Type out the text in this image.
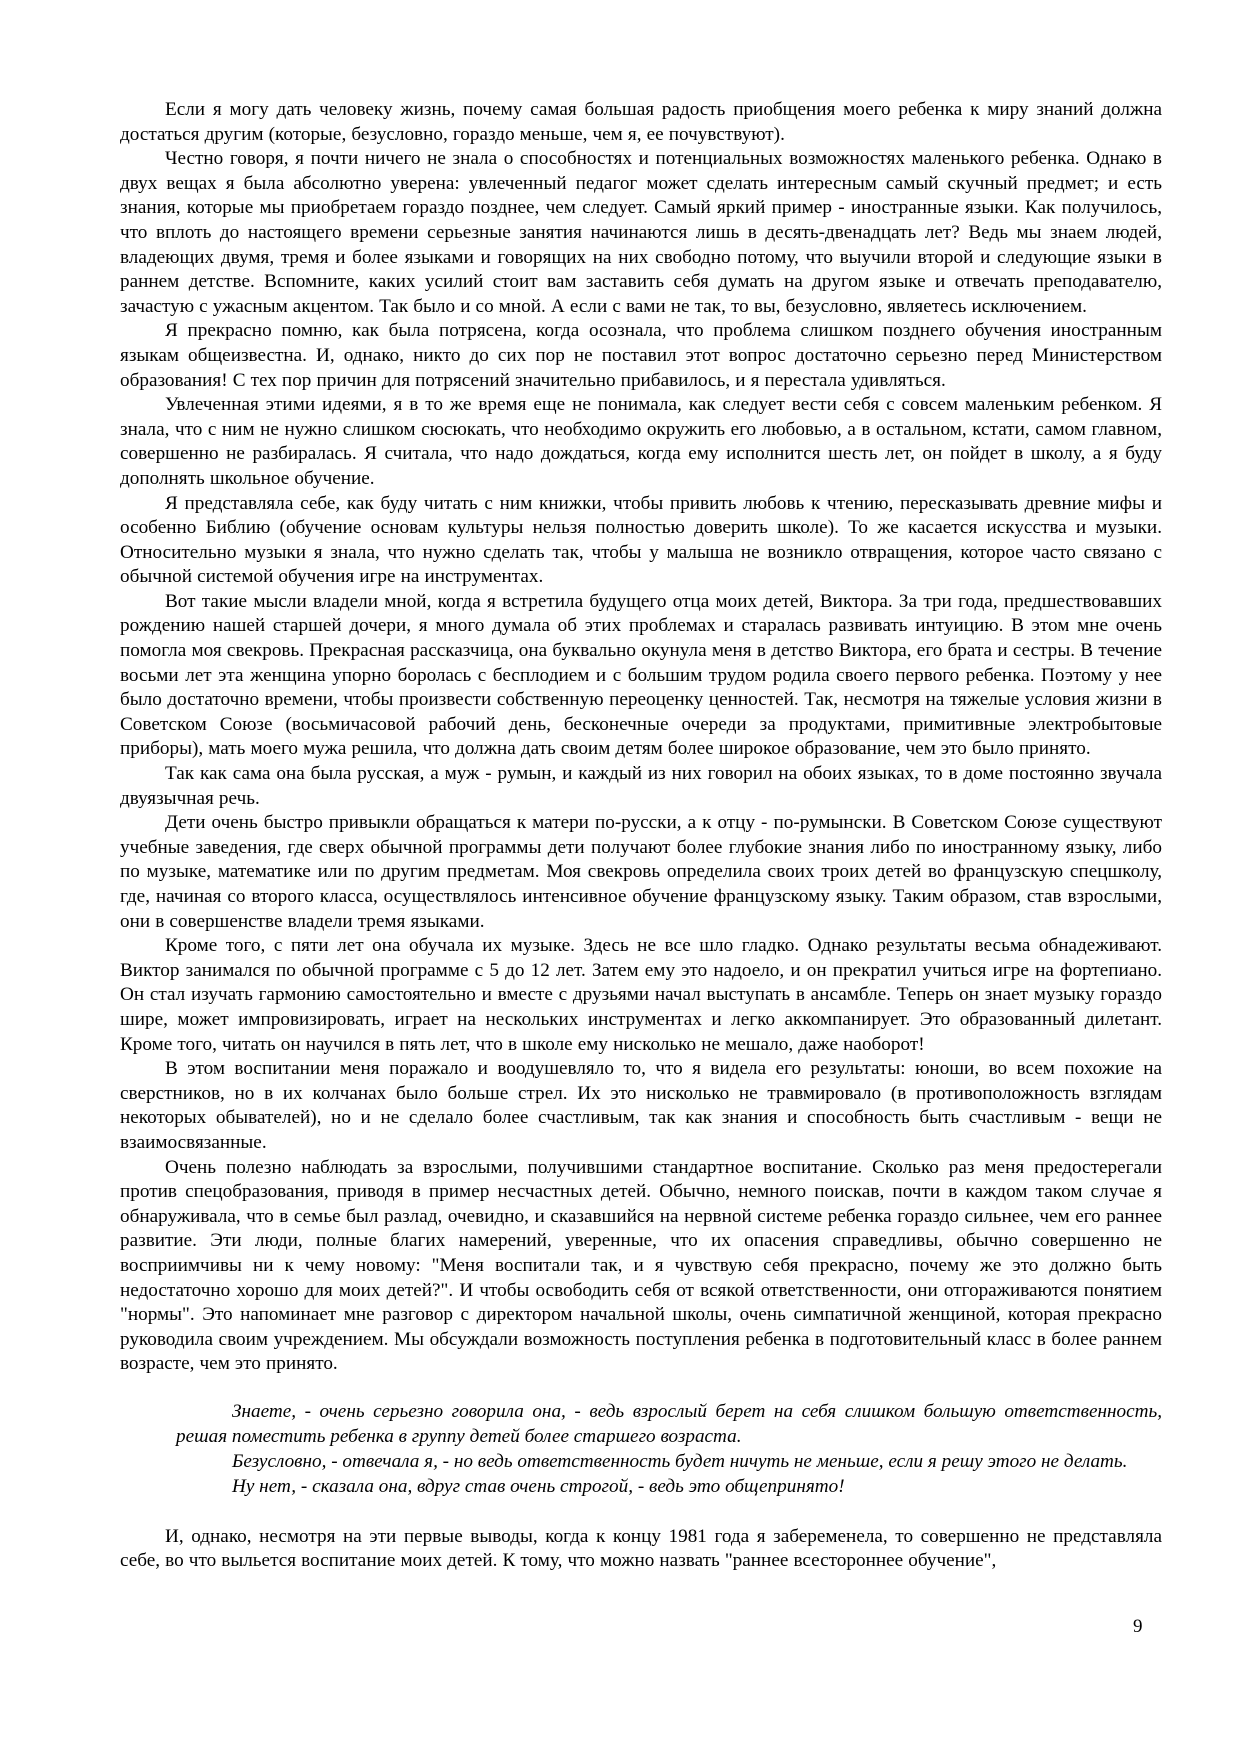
Если я могу дать человеку жизнь, почему самая большая радость приобщения моего ребенка к миру знаний должна достаться другим (которые, безусловно, гораздо меньше, чем я, ее почувствуют).

Честно говоря, я почти ничего не знала о способностях и потенциальных возможностях маленького ребенка. Однако в двух вещах я была абсолютно уверена: увлеченный педагог может сделать интересным самый скучный предмет; и есть знания, которые мы приобретаем гораздо позднее, чем следует. Самый яркий пример - иностранные языки. Как получилось, что вплоть до настоящего времени серьезные занятия начинаются лишь в десять-двенадцать лет? Ведь мы знаем людей, владеющих двумя, тремя и более языками и говорящих на них свободно потому, что выучили второй и следующие языки в раннем детстве. Вспомните, каких усилий стоит вам заставить себя думать на другом языке и отвечать преподавателю, зачастую с ужасным акцентом. Так было и со мной. А если с вами не так, то вы, безусловно, являетесь исключением.

Я прекрасно помню, как была потрясена, когда осознала, что проблема слишком позднего обучения иностранным языкам общеизвестна. И, однако, никто до сих пор не поставил этот вопрос достаточно серьезно перед Министерством образования! С тех пор причин для потрясений значительно прибавилось, и я перестала удивляться.

Увлеченная этими идеями, я в то же время еще не понимала, как следует вести себя с совсем маленьким ребенком. Я знала, что с ним не нужно слишком сюсюкать, что необходимо окружить его любовью, а в остальном, кстати, самом главном, совершенно не разбиралась. Я считала, что надо дождаться, когда ему исполнится шесть лет, он пойдет в школу, а я буду дополнять школьное обучение.

Я представляла себе, как буду читать с ним книжки, чтобы привить любовь к чтению, пересказывать древние мифы и особенно Библию (обучение основам культуры нельзя полностью доверить школе). То же касается искусства и музыки. Относительно музыки я знала, что нужно сделать так, чтобы у малыша не возникло отвращения, которое часто связано с обычной системой обучения игре на инструментах.

Вот такие мысли владели мной, когда я встретила будущего отца моих детей, Виктора. За три года, предшествовавших рождению нашей старшей дочери, я много думала об этих проблемах и старалась развивать интуицию. В этом мне очень помогла моя свекровь. Прекрасная рассказчица, она буквально окунула меня в детство Виктора, его брата и сестры. В течение восьми лет эта женщина упорно боролась с бесплодием и с большим трудом родила своего первого ребенка. Поэтому у нее было достаточно времени, чтобы произвести собственную переоценку ценностей. Так, несмотря на тяжелые условия жизни в Советском Союзе (восьмичасовой рабочий день, бесконечные очереди за продуктами, примитивные электробытовые приборы), мать моего мужа решила, что должна дать своим детям более широкое образование, чем это было принято.

Так как сама она была русская, а муж - румын, и каждый из них говорил на обоих языках, то в доме постоянно звучала двуязычная речь.

Дети очень быстро привыкли обращаться к матери по-русски, а к отцу - по-румынски. В Советском Союзе существуют учебные заведения, где сверх обычной программы дети получают более глубокие знания либо по иностранному языку, либо по музыке, математике или по другим предметам. Моя свекровь определила своих троих детей во французскую спецшколу, где, начиная со второго класса, осуществлялось интенсивное обучение французскому языку. Таким образом, став взрослыми, они в совершенстве владели тремя языками.

Кроме того, с пяти лет она обучала их музыке. Здесь не все шло гладко. Однако результаты весьма обнадеживают. Виктор занимался по обычной программе с 5 до 12 лет. Затем ему это надоело, и он прекратил учиться игре на фортепиано. Он стал изучать гармонию самостоятельно и вместе с друзьями начал выступать в ансамбле. Теперь он знает музыку гораздо шире, может импровизировать, играет на нескольких инструментах и легко аккомпанирует. Это образованный дилетант. Кроме того, читать он научился в пять лет, что в школе ему нисколько не мешало, даже наоборот!

В этом воспитании меня поражало и воодушевляло то, что я видела его результаты: юноши, во всем похожие на сверстников, но в их колчанах было больше стрел. Их это нисколько не травмировало (в противоположность взглядам некоторых обывателей), но и не сделало более счастливым, так как знания и способность быть счастливым - вещи не взаимосвязанные.

Очень полезно наблюдать за взрослыми, получившими стандартное воспитание. Сколько раз меня предостерегали против спецобразования, приводя в пример несчастных детей. Обычно, немного поискав, почти в каждом таком случае я обнаруживала, что в семье был разлад, очевидно, и сказавшийся на нервной системе ребенка гораздо сильнее, чем его раннее развитие. Эти люди, полные благих намерений, уверенные, что их опасения справедливы, обычно совершенно не восприимчивы ни к чему новому: "Меня воспитали так, и я чувствую себя прекрасно, почему же это должно быть недостаточно хорошо для моих детей?". И чтобы освободить себя от всякой ответственности, они отгораживаются понятием "нормы". Это напоминает мне разговор с директором начальной школы, очень симпатичной женщиной, которая прекрасно руководила своим учреждением. Мы обсуждали возможность поступления ребенка в подготовительный класс в более раннем возрасте, чем это принято.

Знаете, - очень серьезно говорила она, - ведь взрослый берет на себя слишком большую ответственность, решая поместить ребенка в группу детей более старшего возраста.

Безусловно, - отвечала я, - но ведь ответственность будет ничуть не меньше, если я решу этого не делать.

Ну нет, - сказала она, вдруг став очень строгой, - ведь это общепринято!

И, однако, несмотря на эти первые выводы, когда к концу 1981 года я забеременела, то совершенно не представляла себе, во что выльется воспитание моих детей. К тому, что можно назвать "раннее всестороннее обучение",

9
